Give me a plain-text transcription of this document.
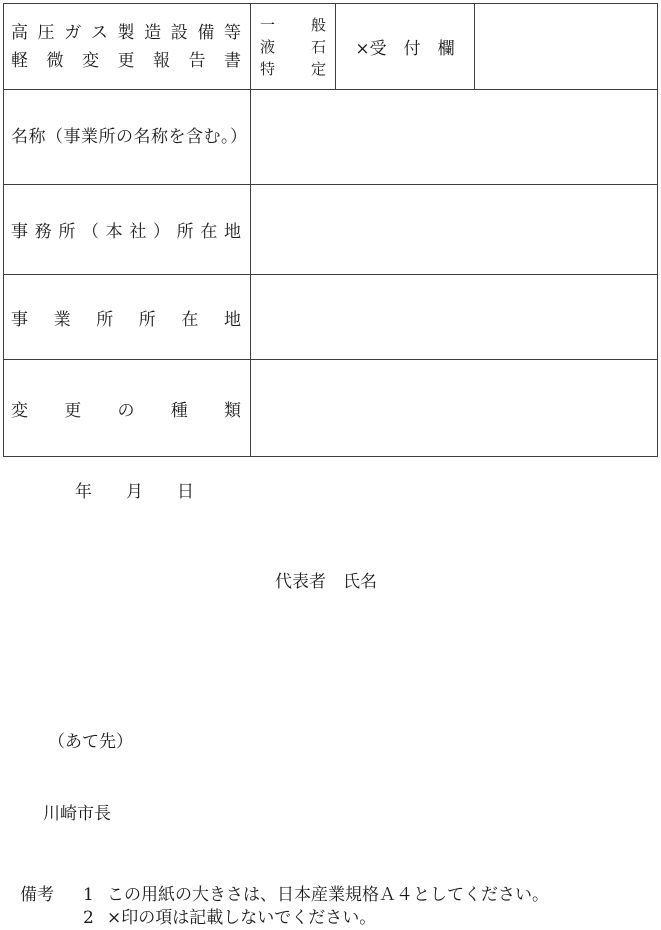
高圧ガス製造設備等
軽微変更報告書
一般
液石
特定
×受　付　欄
名称（事業所の名称を含む。）
事務所（本社）所在地
事業所所在地
変更の種類
年　　月　　日
代表者　氏名

（あて先）

川崎市長

備考	1 この用紙の大きさは、日本産業規格Ａ４としてください。
2 ×印の項は記載しないでください。
